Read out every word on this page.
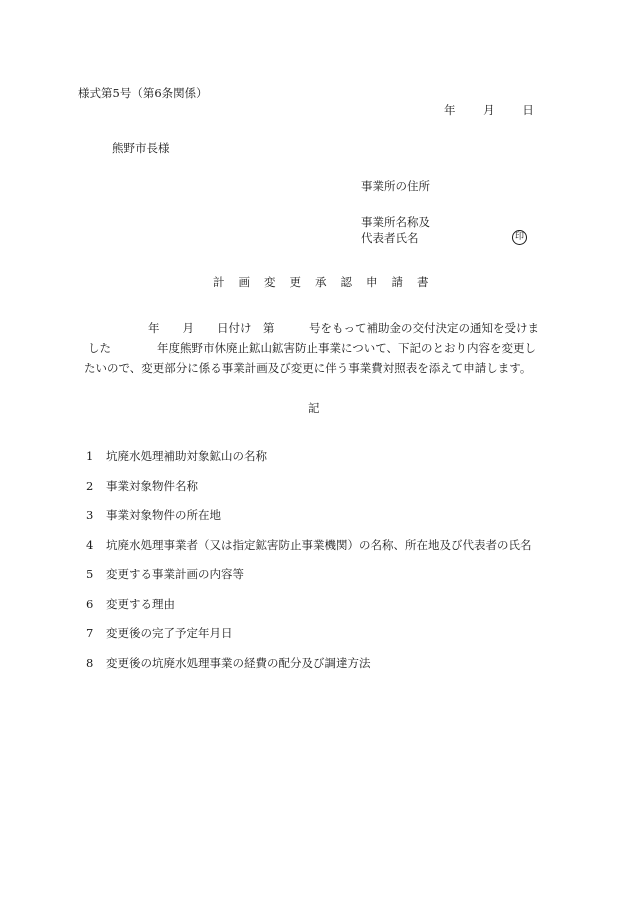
様式第5号（第6条関係）
年 月 日
熊野市長様
事業所の住所
事業所名称及
代表者氏名	印
計画変更承認申請書
年　　月　　日付け　第　　　号をもって補助金の交付決定の通知を受けま
した　　　　年度熊野市休廃止鉱山鉱害防止事業について、下記のとおり内容を変更し
たいので、変更部分に係る事業計画及び変更に伴う事業費対照表を添えて申請します。
記
1 坑廃水処理補助対象鉱山の名称
2 事業対象物件名称
3 事業対象物件の所在地
4 坑廃水処理事業者（又は指定鉱害防止事業機関）の名称、所在地及び代表者の氏名
5 変更する事業計画の内容等
6 変更する理由
7 変更後の完了予定年月日
8 変更後の坑廃水処理事業の経費の配分及び調達方法
